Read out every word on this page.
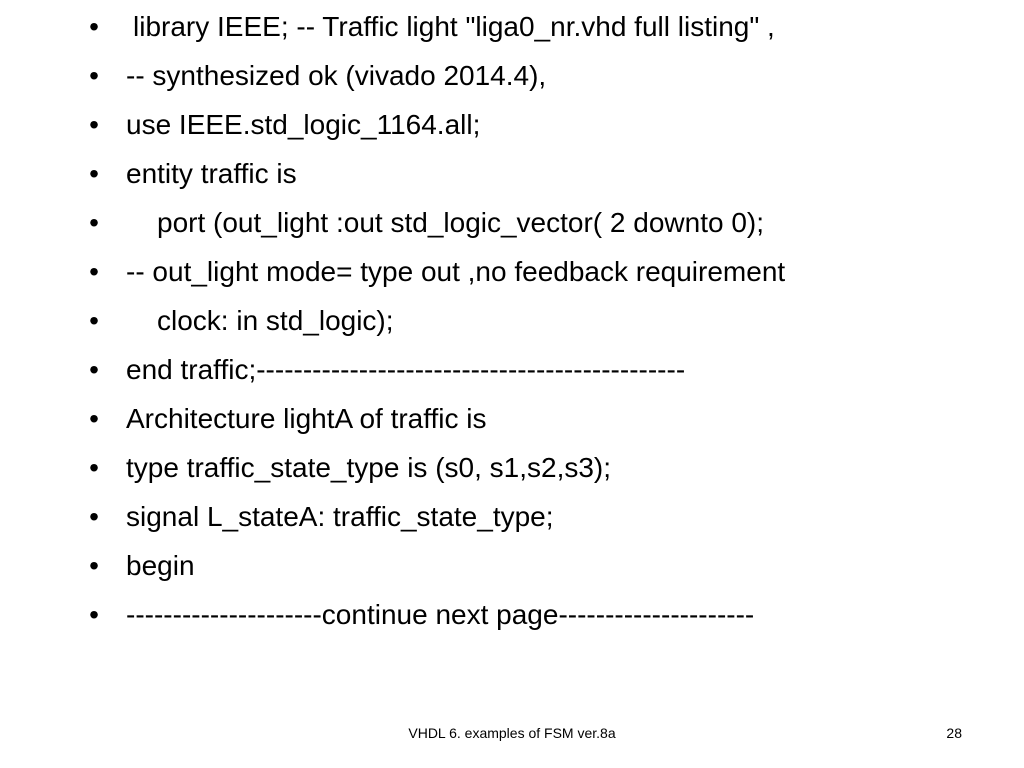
• library IEEE; -- Traffic light "liga0_nr.vhd full listing" ,
• -- synthesized ok (vivado 2014.4),
• use IEEE.std_logic_1164.all;
• entity traffic is
• port (out_light :out std_logic_vector( 2 downto 0);
• -- out_light mode= type out ,no feedback requirement
• clock: in std_logic);
• end traffic;----------------------------------------------
• Architecture lightA of traffic is
• type traffic_state_type is (s0, s1,s2,s3);
• signal L_stateA: traffic_state_type;
• begin
• ---------------------continue next page---------------------
VHDL 6. examples of FSM ver.8a	28
